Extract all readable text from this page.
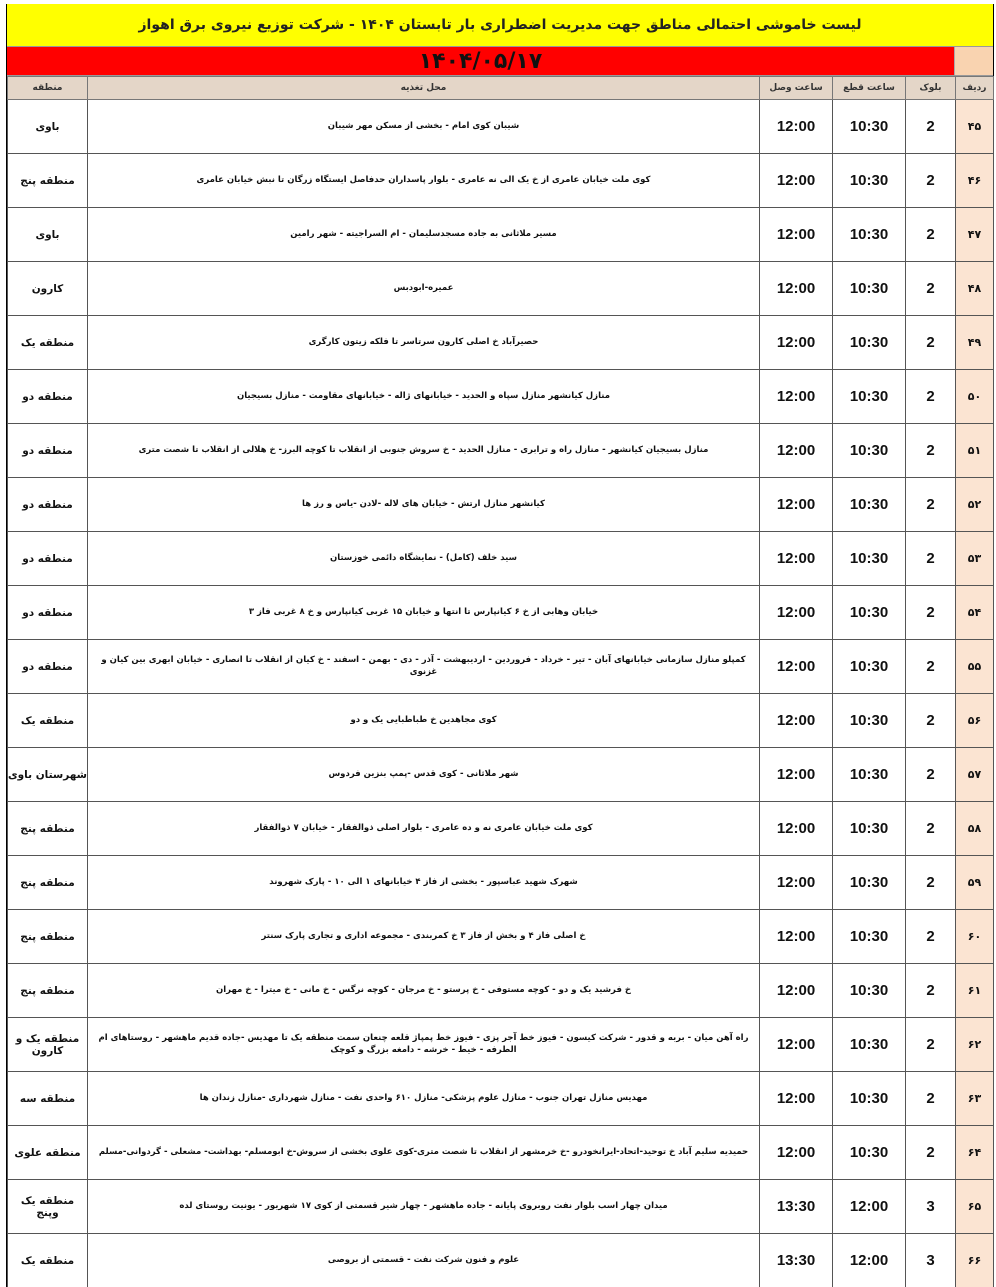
لیست خاموشی احتمالی مناطق جهت مدیریت اضطراری بار تابستان ۱۴۰۴ - شرکت توزیع نیروی برق اهواز
۱۴۰۴/۰۵/۱۷
ردیف	بلوک	ساعت قطع	ساعت وصل	محل تغذیه	منطقه
۴۵	2	10:30	12:00	شیبان کوی امام - بخشی از مسکن مهر شیبان	باوی
۴۶	2	10:30	12:00	کوی ملت خیابان عامری از خ یک الی نه عامری - بلوار پاسداران حدفاصل ایستگاه زرگان تا نبش خیابان عامری	منطقه پنج
۴۷	2	10:30	12:00	مسیر ملاثانی به جاده مسجدسلیمان - ام السراجیته - شهر رامین	باوی
۴۸	2	10:30	12:00	عمیره-ابودبس	کارون
۴۹	2	10:30	12:00	حصیرآباد خ اصلی کارون سرتاسر تا فلکه زیتون کارگری	منطقه یک
۵۰	2	10:30	12:00	منازل کیانشهر منازل سپاه و الحدید - خیابانهای ژاله - خیابانهای مقاومت - منازل بسیجیان	منطقه دو
۵۱	2	10:30	12:00	منازل بسیجیان کیانشهر - منازل راه و ترابری - منازل الحدید - خ سروش جنوبی از انقلاب تا کوچه البرز- خ هلالی از انقلاب تا شصت متری	منطقه دو
۵۲	2	10:30	12:00	کیانشهر منازل ارتش - خیابان های لاله -لادن -یاس و رز ها	منطقه دو
۵۳	2	10:30	12:00	سید خلف (کامل) - نمایشگاه دائمی خوزستان	منطقه دو
۵۴	2	10:30	12:00	خیابان وهابی از خ ۶ کیانپارس تا انتها و خیابان ۱۵ غربی کیانپارس و خ ۸ غربی فاز ۳	منطقه دو
۵۵	2	10:30	12:00	کمپلو منازل سازمانی خیابانهای آبان - تیر - خرداد - فروردین - اردیبهشت - آذر - دی - بهمن - اسفند - خ کیان از انقلاب تا انصاری - خیابان ابهری بین کیان و غزنوی	منطقه دو
۵۶	2	10:30	12:00	کوی مجاهدین خ طباطبایی یک و دو	منطقه یک
۵۷	2	10:30	12:00	شهر ملاثانی - کوی قدس -پمپ بنزین فردوس	شهرستان باوی
۵۸	2	10:30	12:00	کوی ملت خیابان عامری نه و ده عامری - بلوار اصلی ذوالفقار - خیابان ۷ ذوالفقار	منطقه پنج
۵۹	2	10:30	12:00	شهرک شهید عباسپور - بخشی از فاز ۴ خیابانهای ۱ الی ۱۰ - پارک شهروند	منطقه پنج
۶۰	2	10:30	12:00	خ اصلی فاز ۴ و بخش از فاز ۳ خ کمربندی - مجموعه اداری و تجاری پارک سنتر	منطقه پنج
۶۱	2	10:30	12:00	خ فرشید یک و دو - کوچه مستوفی - خ پرستو - خ مرجان - کوچه نرگس - خ مانی - خ میترا - خ مهران	منطقه پنج
۶۲	2	10:30	12:00	راه آهن میان - بربه و قدور - شرکت کیسون - فیوز خط آجر پزی - فیوز خط پمپاژ قلعه چنعان سمت منطقه یک تا مهدیس -جاده قدیم ماهشهر - روستاهای ام الطرفه - خیط - خرشه - دامغه بزرگ و کوچک	منطقه یک و کارون
۶۳	2	10:30	12:00	مهدیس منازل تهران جنوب - منازل علوم پزشکی- منازل ۶۱۰ واحدی نفت - منازل شهرداری -منازل زندان ها	منطقه سه
۶۴	2	10:30	12:00	حمیدیه سلیم آباد خ توحید-اتحاد-ایرانخودرو -خ خرمشهر از انقلاب تا شصت متری-کوی علوی بخشی از سروش-خ ابومسلم- بهداشت- مشعلی - گردوانی-مسلم	منطقه علوی
۶۵	3	12:00	13:30	میدان چهار اسب بلوار نفت روبروی پایانه - جاده ماهشهر - چهار شیر قسمتی از کوی ۱۷ شهریور - یونیت روستای لده	منطقه یک وپنج
۶۶	3	12:00	13:30	علوم و فنون شرکت نفت - قسمتی از بروصی	منطقه یک
